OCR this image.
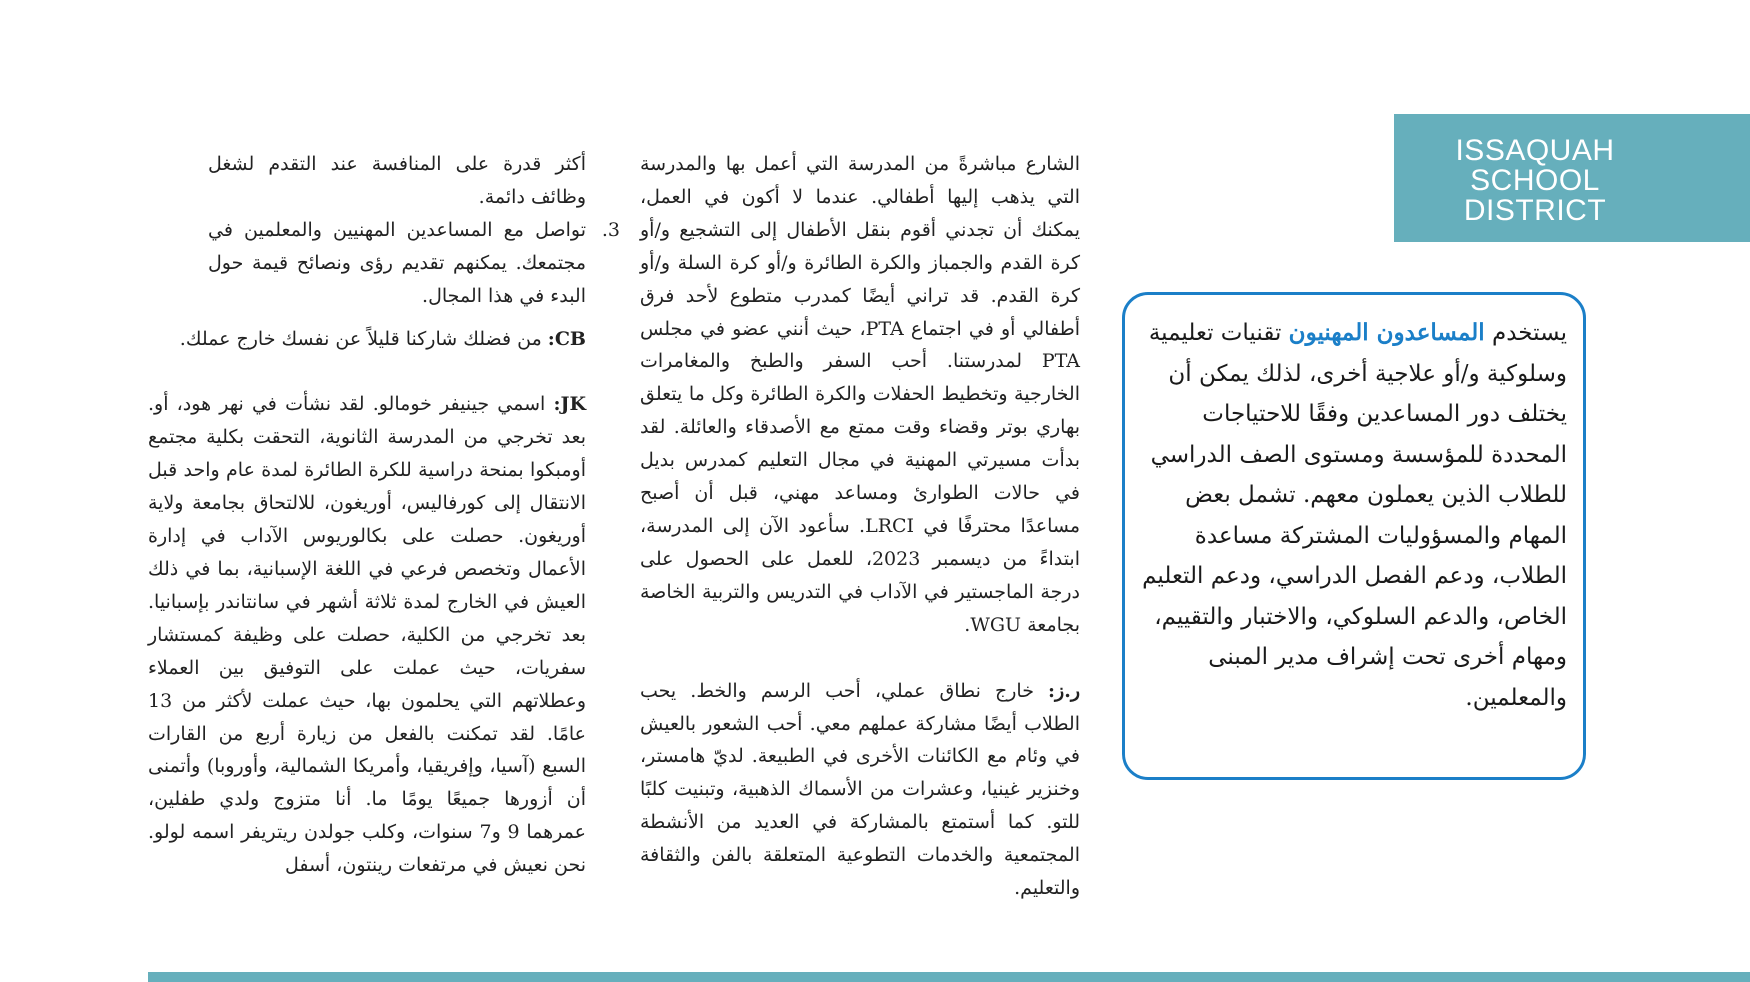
ISSAQUAH
SCHOOL
DISTRICT
يستخدم المساعدون المهنيون تقنيات تعليمية وسلوكية و/أو علاجية أخرى، لذلك يمكن أن يختلف دور المساعدين وفقًا للاحتياجات المحددة للمؤسسة ومستوى الصف الدراسي للطلاب الذين يعملون معهم. تشمل بعض المهام والمسؤوليات المشتركة مساعدة الطلاب، ودعم الفصل الدراسي، ودعم التعليم الخاص، والدعم السلوكي، والاختبار والتقييم، ومهام أخرى تحت إشراف مدير المبنى والمعلمين.

الشارع مباشرةً من المدرسة التي أعمل بها والمدرسة التي يذهب إليها أطفالي. عندما لا أكون في العمل، يمكنك أن تجدني أقوم بنقل الأطفال إلى التشجيع و/أو كرة القدم والجمباز والكرة الطائرة و/أو كرة السلة و/أو كرة القدم. قد تراني أيضًا كمدرب متطوع لأحد فرق أطفالي أو في اجتماع PTA، حيث أنني عضو في مجلس PTA لمدرستنا. أحب السفر والطبخ والمغامرات الخارجية وتخطيط الحفلات والكرة الطائرة وكل ما يتعلق بهاري بوتر وقضاء وقت ممتع مع الأصدقاء والعائلة. لقد بدأت مسيرتي المهنية في مجال التعليم كمدرس بديل في حالات الطوارئ ومساعد مهني، قبل أن أصبح مساعدًا محترفًا في LRCI. سأعود الآن إلى المدرسة، ابتداءً من ديسمبر 2023، للعمل على الحصول على درجة الماجستير في الآداب في التدريس والتربية الخاصة بجامعة WGU.

ر.ز: خارج نطاق عملي، أحب الرسم والخط. يحب الطلاب أيضًا مشاركة عملهم معي. أحب الشعور بالعيش في وئام مع الكائنات الأخرى في الطبيعة. لديّ هامستر، وخنزير غينيا، وعشرات من الأسماك الذهبية، وتبنيت كلبًا للتو. كما أستمتع بالمشاركة في العديد من الأنشطة المجتمعية والخدمات التطوعية المتعلقة بالفن والثقافة والتعليم.

أكثر قدرة على المنافسة عند التقدم لشغل وظائف دائمة.

3.

تواصل مع المساعدين المهنيين والمعلمين في مجتمعك. يمكنهم تقديم رؤى ونصائح قيمة حول البدء في هذا المجال.

CB: من فضلك شاركنا قليلاً عن نفسك خارج عملك.

JK: اسمي جينيفر خومالو. لقد نشأت في نهر هود، أو. بعد تخرجي من المدرسة الثانوية، التحقت بكلية مجتمع أومبكوا بمنحة دراسية للكرة الطائرة لمدة عام واحد قبل الانتقال إلى كورفاليس، أوريغون، للالتحاق بجامعة ولاية أوريغون. حصلت على بكالوريوس الآداب في إدارة الأعمال وتخصص فرعي في اللغة الإسبانية، بما في ذلك العيش في الخارج لمدة ثلاثة أشهر في سانتاندر بإسبانيا. بعد تخرجي من الكلية، حصلت على وظيفة كمستشار سفريات، حيث عملت على التوفيق بين العملاء وعطلاتهم التي يحلمون بها، حيث عملت لأكثر من 13 عامًا. لقد تمكنت بالفعل من زيارة أربع من القارات السبع (آسيا، وإفريقيا، وأمريكا الشمالية، وأوروبا) وأتمنى أن أزورها جميعًا يومًا ما. أنا متزوج ولدي طفلين، عمرهما 9 و7 سنوات، وكلب جولدن ريتريفر اسمه لولو. نحن نعيش في مرتفعات رينتون، أسفل
